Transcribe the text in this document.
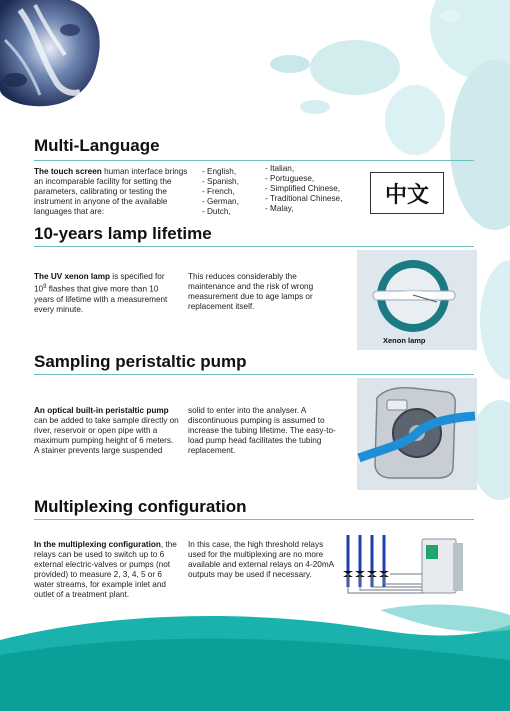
Multi-Language

The touch screen human interface brings an incomparable facility for setting the parameters, calibrating or testing the instrument in anyone of the available languages that are:

- English,
- Spanish,
- French,
- German,
- Dutch,
- Italian,
- Portuguese,
- Simplified Chinese,
- Traditional Chinese,
- Malay,
中文
10-years lamp lifetime

The UV xenon lamp is specified for $10^9$ flashes that give more than 10 years of lifetime with a measurement every minute.

This reduces considerably the maintenance and the risk of wrong measurement due to age lamps or replacement itself.

Xenon lamp
Sampling peristaltic pump

An optical built-in peristaltic pump can be added to take sample directly on river, reservoir or open pipe with a maximum pumping height of 6 meters. A stainer prevents large suspended

solid to enter into the analyser. A discontinuous pumping is assumed to increase the tubing lifetime. The easy-to-load pump head facilitates the tubing replacement.

Multiplexing configuration

In the multiplexing configuration, the relays can be used to switch up to 6 external electric-valves or pumps (not provided) to measure 2, 3, 4, 5 or 6 water streams, for example inlet and outlet of a treatment plant.

In this case, the high threshold relays used for the multiplexing are no more available and external relays on 4-20mA outputs may be used if necessary.
